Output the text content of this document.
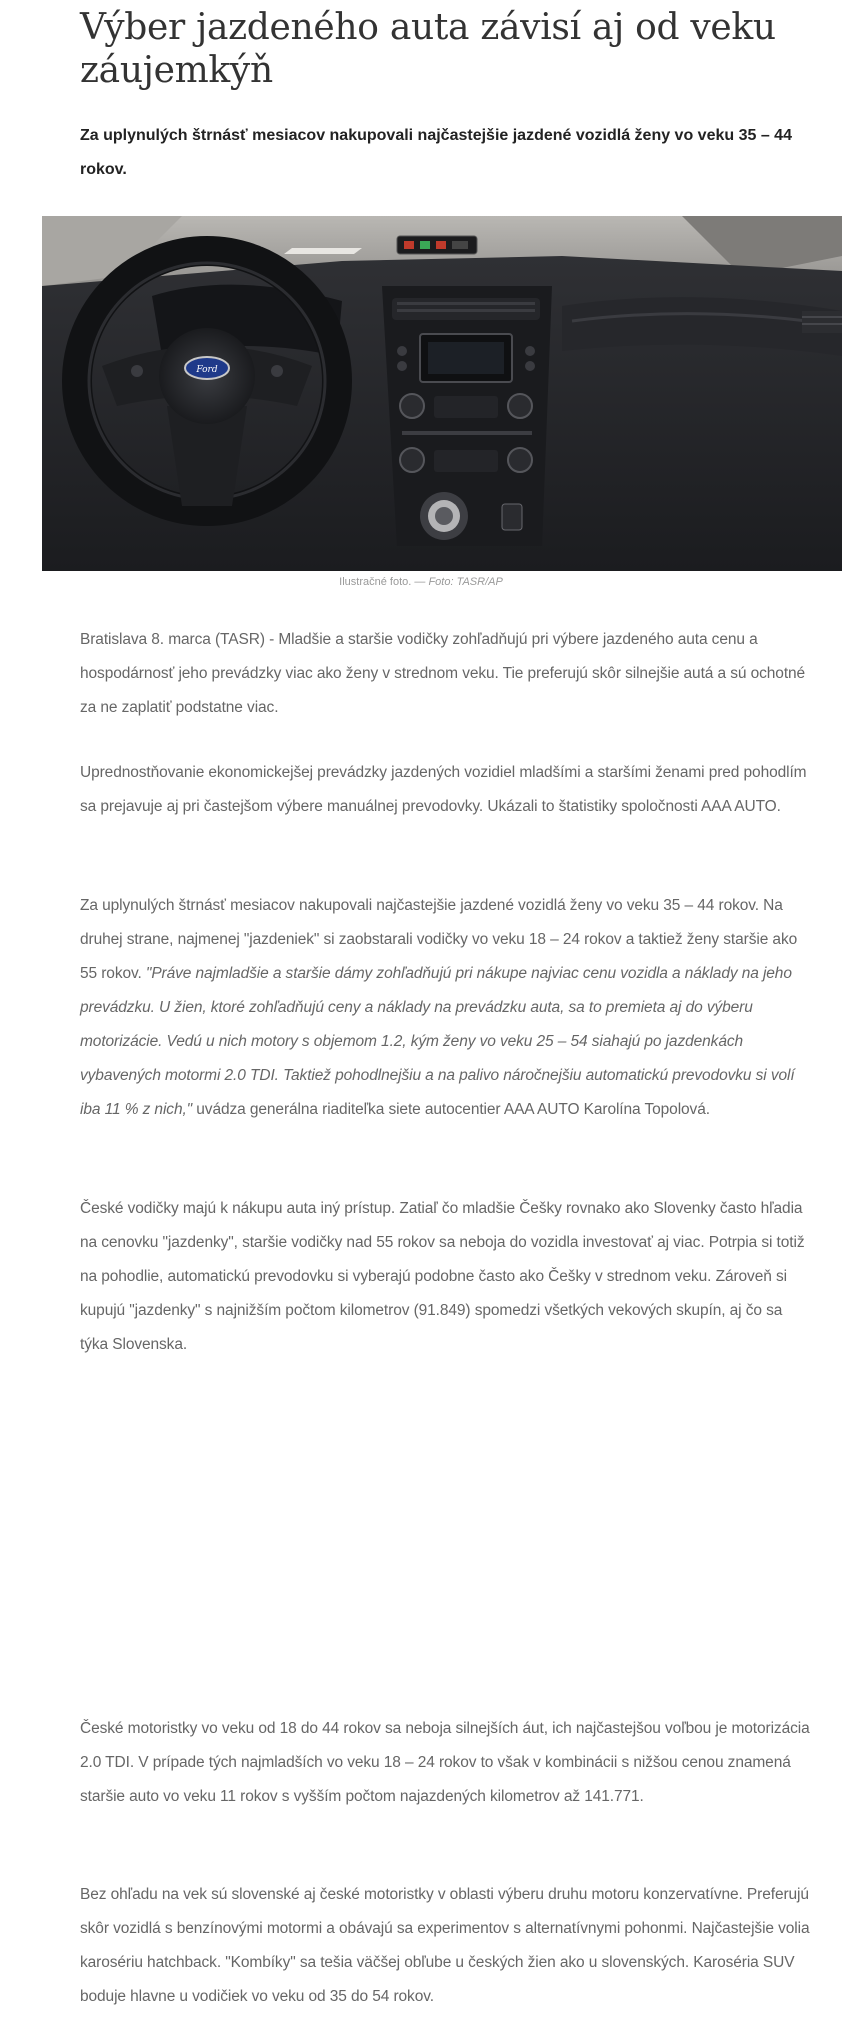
Výber jazdeného auta závisí aj od veku záujemkýň

Za uplynulých štrnásť mesiacov nakupovali najčastejšie jazdené vozidlá ženy vo veku 35 – 44 rokov.

Ford
Ilustračné foto. — Foto: TASR/AP

Bratislava 8. marca (TASR) - Mladšie a staršie vodičky zohľadňujú pri výbere jazdeného auta cenu a hospodárnosť jeho prevádzky viac ako ženy v strednom veku. Tie preferujú skôr silnejšie autá a sú ochotné za ne zaplatiť podstatne viac.

Uprednostňovanie ekonomickejšej prevádzky jazdených vozidiel mladšími a staršími ženami pred pohodlím sa prejavuje aj pri častejšom výbere manuálnej prevodovky. Ukázali to štatistiky spoločnosti AAA AUTO.

Za uplynulých štrnásť mesiacov nakupovali najčastejšie jazdené vozidlá ženy vo veku 35 – 44 rokov. Na druhej strane, najmenej "jazdeniek" si zaobstarali vodičky vo veku 18 – 24 rokov a taktiež ženy staršie ako 55 rokov. "Práve najmladšie a staršie dámy zohľadňujú pri nákupe najviac cenu vozidla a náklady na jeho prevádzku. U žien, ktoré zohľadňujú ceny a náklady na prevádzku auta, sa to premieta aj do výberu motorizácie. Vedú u nich motory s objemom 1.2, kým ženy vo veku 25 – 54 siahajú po jazdenkách vybavených motormi 2.0 TDI. Taktiež pohodlnejšiu a na palivo náročnejšiu automatickú prevodovku si volí iba 11 % z nich," uvádza generálna riaditeľka siete autocentier AAA AUTO Karolína Topolová.

České vodičky majú k nákupu auta iný prístup. Zatiaľ čo mladšie Češky rovnako ako Slovenky často hľadia na cenovku "jazdenky", staršie vodičky nad 55 rokov sa neboja do vozidla investovať aj viac. Potrpia si totiž na pohodlie, automatickú prevodovku si vyberajú podobne často ako Češky v strednom veku. Zároveň si kupujú "jazdenky" s najnižším počtom kilometrov (91.849) spomedzi všetkých vekových skupín, aj čo sa týka Slovenska.

České motoristky vo veku od 18 do 44 rokov sa neboja silnejších áut, ich najčastejšou voľbou je motorizácia 2.0 TDI. V prípade tých najmladších vo veku 18 – 24 rokov to však v kombinácii s nižšou cenou znamená staršie auto vo veku 11 rokov s vyšším počtom najazdených kilometrov až 141.771.

Bez ohľadu na vek sú slovenské aj české motoristky v oblasti výberu druhu motoru konzervatívne. Preferujú skôr vozidlá s benzínovými motormi a obávajú sa experimentov s alternatívnymi pohonmi. Najčastejšie volia karosériu hatchback. "Kombíky" sa tešia väčšej obľube u českých žien ako u slovenských. Karoséria SUV boduje hlavne u vodičiek vo veku od 35 do 54 rokov.
